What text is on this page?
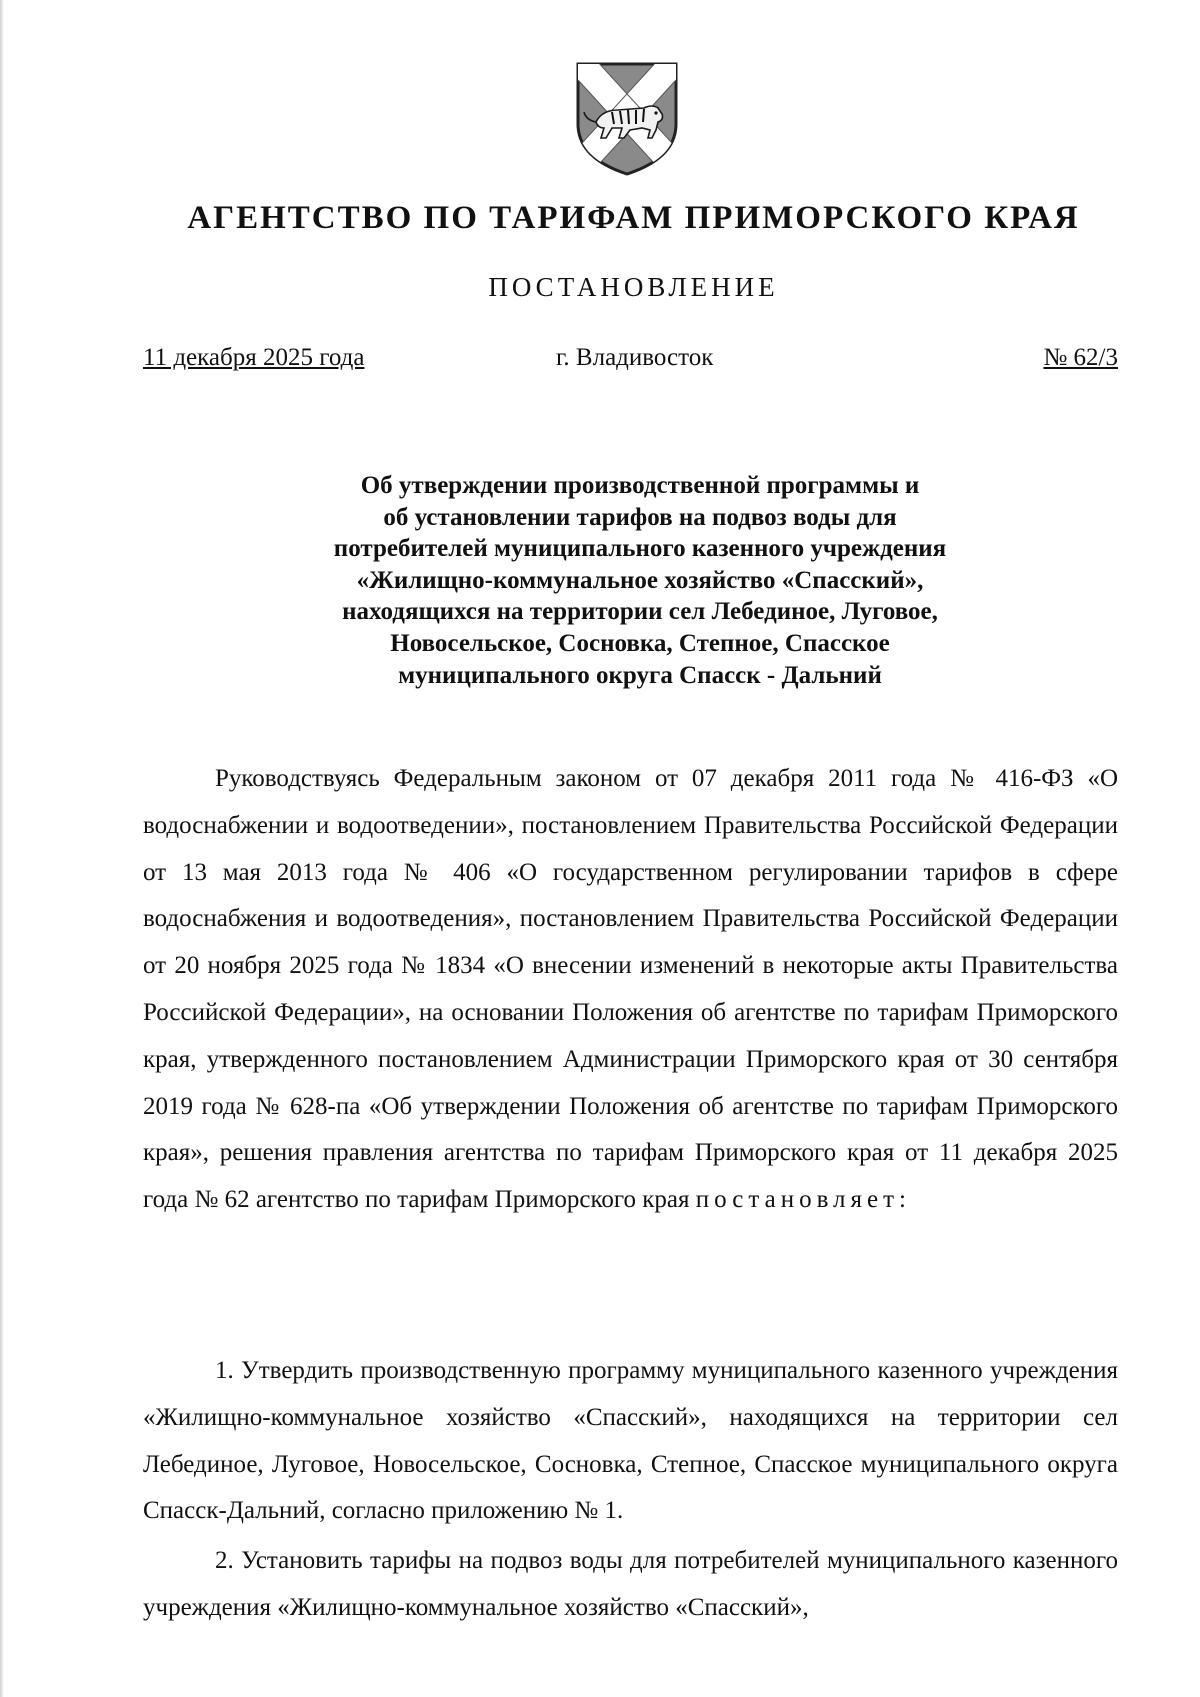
АГЕНТСТВО ПО ТАРИФАМ ПРИМОРСКОГО КРАЯ
ПОСТАНОВЛЕНИЕ
11 декабря 2025 года	г. Владивосток	№ 62/3
Об утверждении производственной программы и
об установлении тарифов на подвоз воды для
потребителей муниципального казенного учреждения
«Жилищно-коммунальное хозяйство «Спасский»,
находящихся на территории сел Лебединое, Луговое,
Новосельское, Сосновка, Степное, Спасское
муниципального округа Спасск - Дальний

Руководствуясь Федеральным законом от 07 декабря 2011 года № 416-ФЗ «О водоснабжении и водоотведении», постановлением Правительства Российской Федерации от 13 мая 2013 года № 406 «О государственном регулировании тарифов в сфере водоснабжения и водоотведения», постановлением Правительства Российской Федерации от 20 ноября 2025 года № 1834 «О внесении изменений в некоторые акты Правительства Российской Федерации», на основании Положения об агентстве по тарифам Приморского края, утвержденного постановлением Администрации Приморского края от 30 сентября 2019 года № 628-па «Об утверждении Положения об агентстве по тарифам Приморского края», решения правления агентства по тарифам Приморского края от 11 декабря 2025 года № 62 агентство по тарифам Приморского края постановляет:

1. Утвердить производственную программу муниципального казенного учреждения «Жилищно-коммунальное хозяйство «Спасский», находящихся на территории сел Лебединое, Луговое, Новосельское, Сосновка, Степное, Спасское муниципального округа Спасск-Дальний, согласно приложению № 1.

2. Установить тарифы на подвоз воды для потребителей муниципального казенного учреждения «Жилищно-коммунальное хозяйство «Спасский»,
